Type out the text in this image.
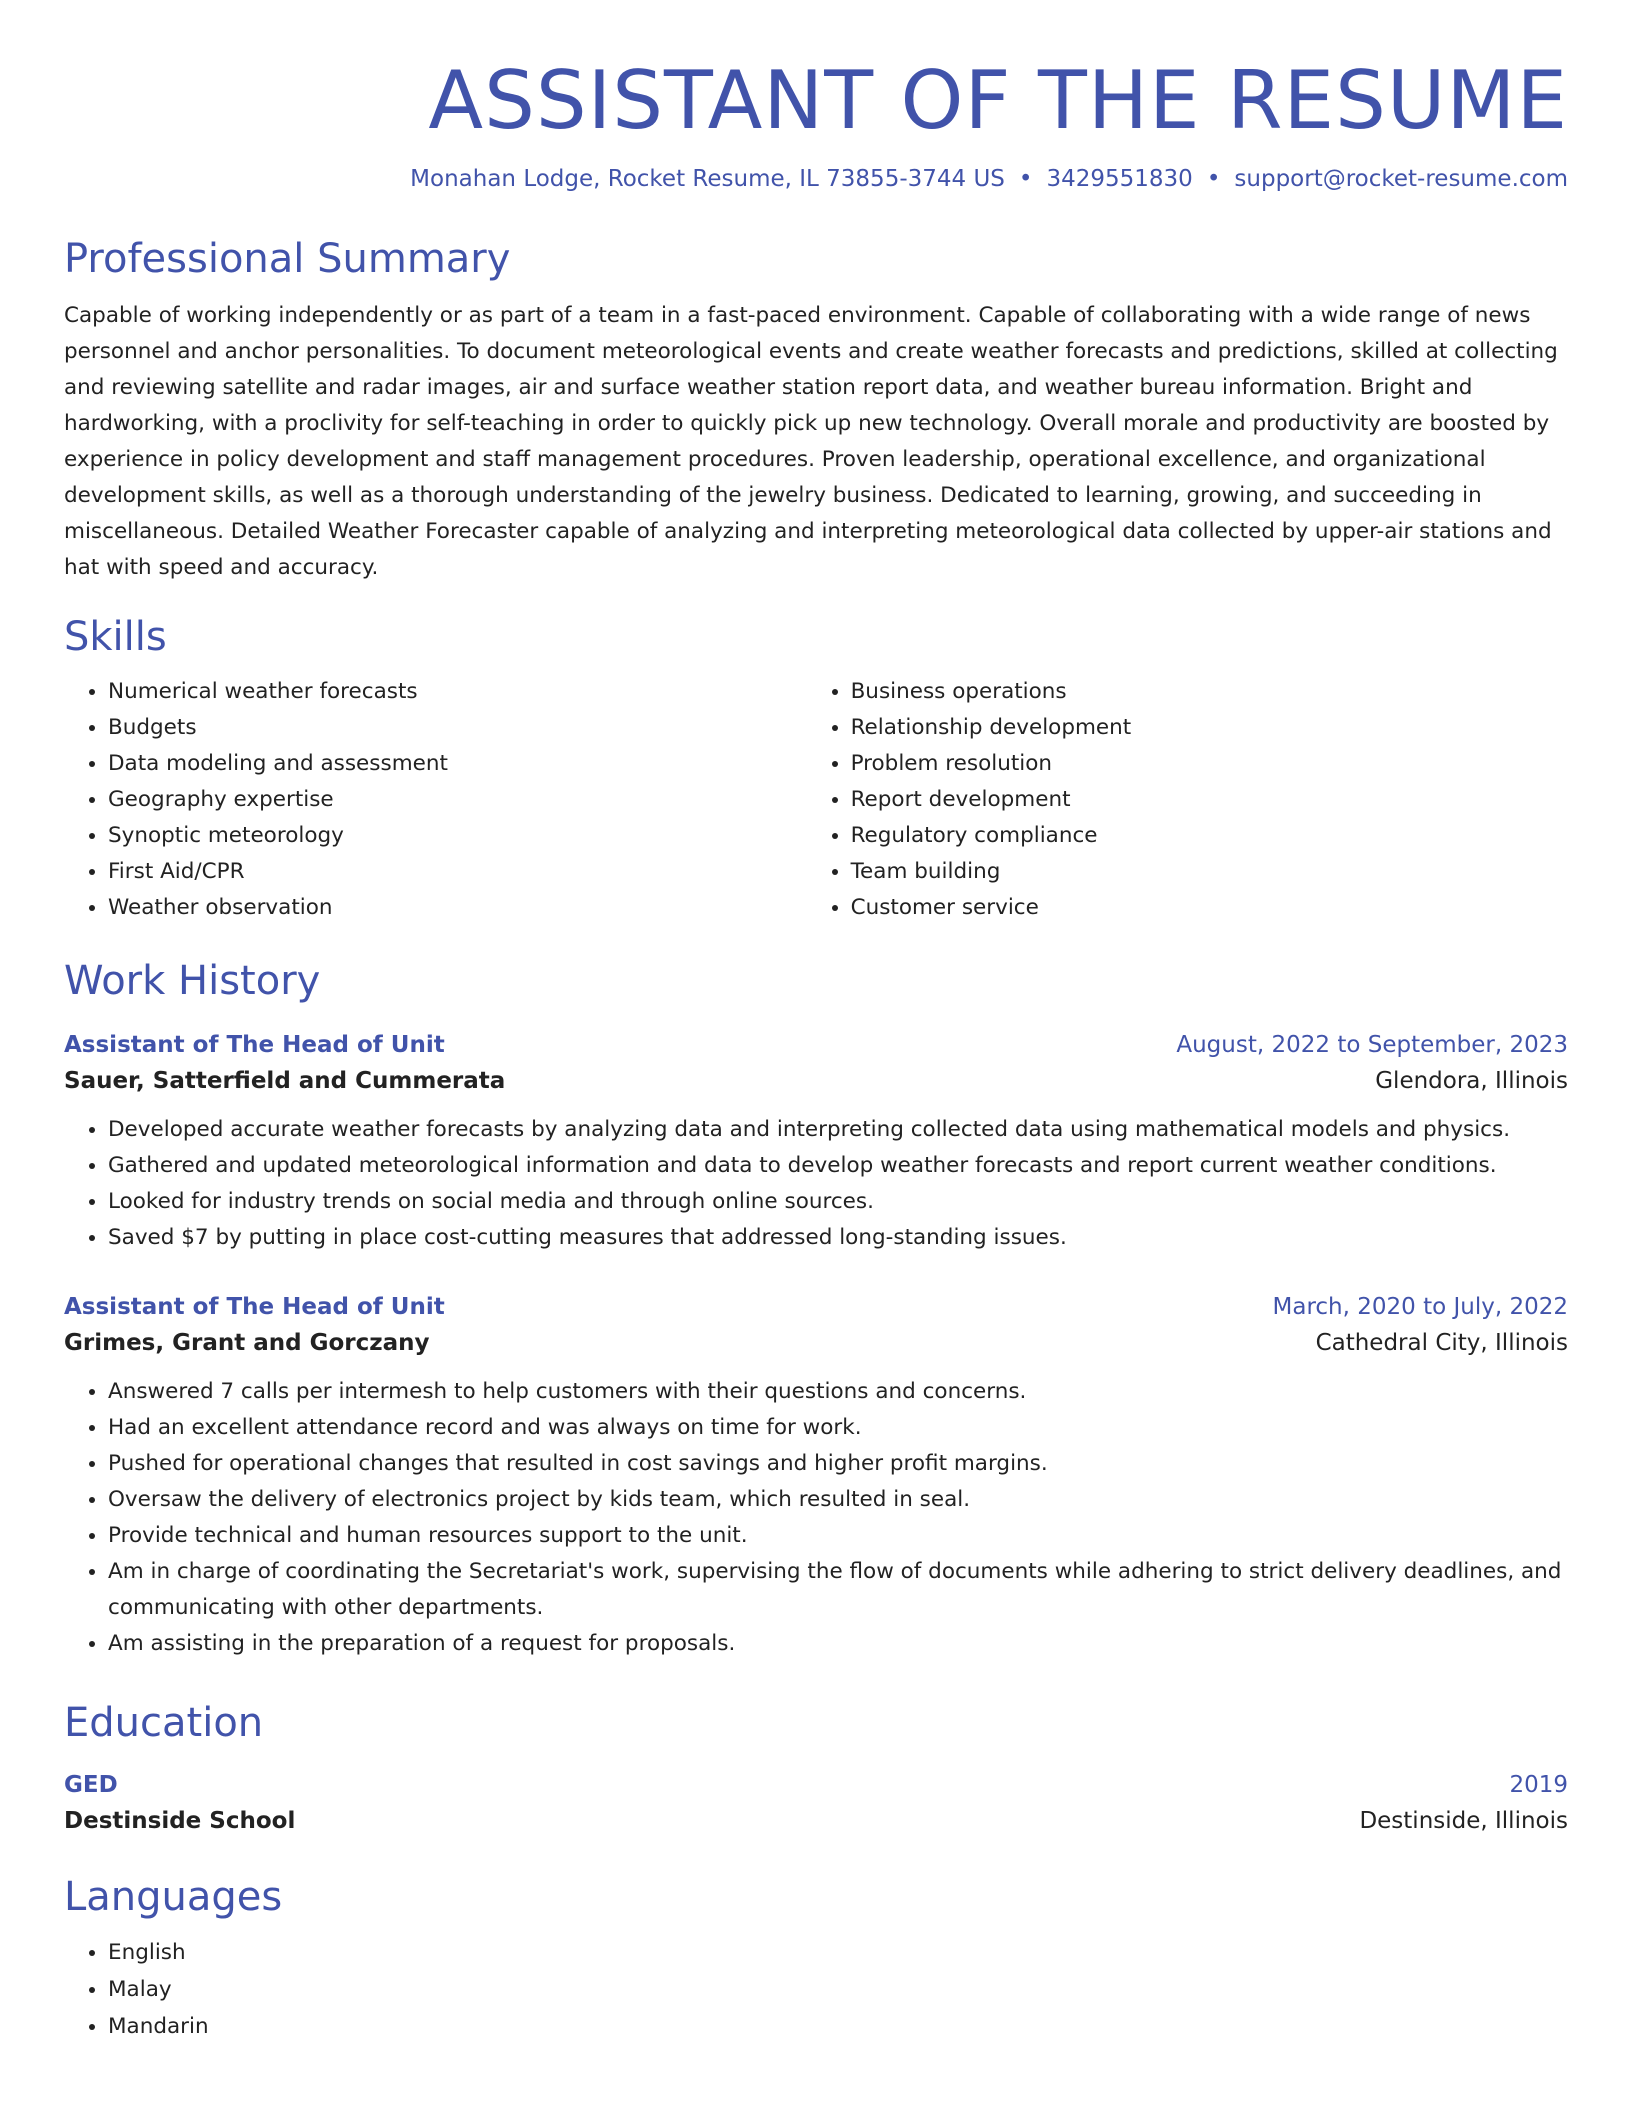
ASSISTANT OF THE RESUME
Monahan Lodge, Rocket Resume, IL 73855-3744 US • 3429551830 • support@rocket-resume.com
Professional Summary

Capable of working independently or as part of a team in a fast-paced environment. Capable of collaborating with a wide range of news personnel and anchor personalities. To document meteorological events and create weather forecasts and predictions, skilled at collecting and reviewing satellite and radar images, air and surface weather station report data, and weather bureau information. Bright and hardworking, with a proclivity for self-teaching in order to quickly pick up new technology. Overall morale and productivity are boosted by experience in policy development and staff management procedures. Proven leadership, operational excellence, and organizational development skills, as well as a thorough understanding of the jewelry business. Dedicated to learning, growing, and succeeding in miscellaneous. Detailed Weather Forecaster capable of analyzing and interpreting meteorological data collected by upper-air stations and hat with speed and accuracy.

Skills
• Numerical weather forecasts
• Budgets
• Data modeling and assessment
• Geography expertise
• Synoptic meteorology
• First Aid/CPR
• Weather observation
• Business operations
• Relationship development
• Problem resolution
• Report development
• Regulatory compliance
• Team building
• Customer service
Work History
Assistant of The Head of Unit	August, 2022 to September, 2023
Sauer, Satterfield and Cummerata	Glendora, Illinois
• Developed accurate weather forecasts by analyzing data and interpreting collected data using mathematical models and physics.
• Gathered and updated meteorological information and data to develop weather forecasts and report current weather conditions.
• Looked for industry trends on social media and through online sources.
• Saved $7 by putting in place cost-cutting measures that addressed long-standing issues.
Assistant of The Head of Unit	March, 2020 to July, 2022
Grimes, Grant and Gorczany	Cathedral City, Illinois
• Answered 7 calls per intermesh to help customers with their questions and concerns.
• Had an excellent attendance record and was always on time for work.
• Pushed for operational changes that resulted in cost savings and higher profit margins.
• Oversaw the delivery of electronics project by kids team, which resulted in seal.
• Provide technical and human resources support to the unit.
• Am in charge of coordinating the Secretariat's work, supervising the flow of documents while adhering to strict delivery deadlines, and communicating with other departments.
• Am assisting in the preparation of a request for proposals.
Education
GED	2019
Destinside School	Destinside, Illinois
Languages
• English
• Malay
• Mandarin
